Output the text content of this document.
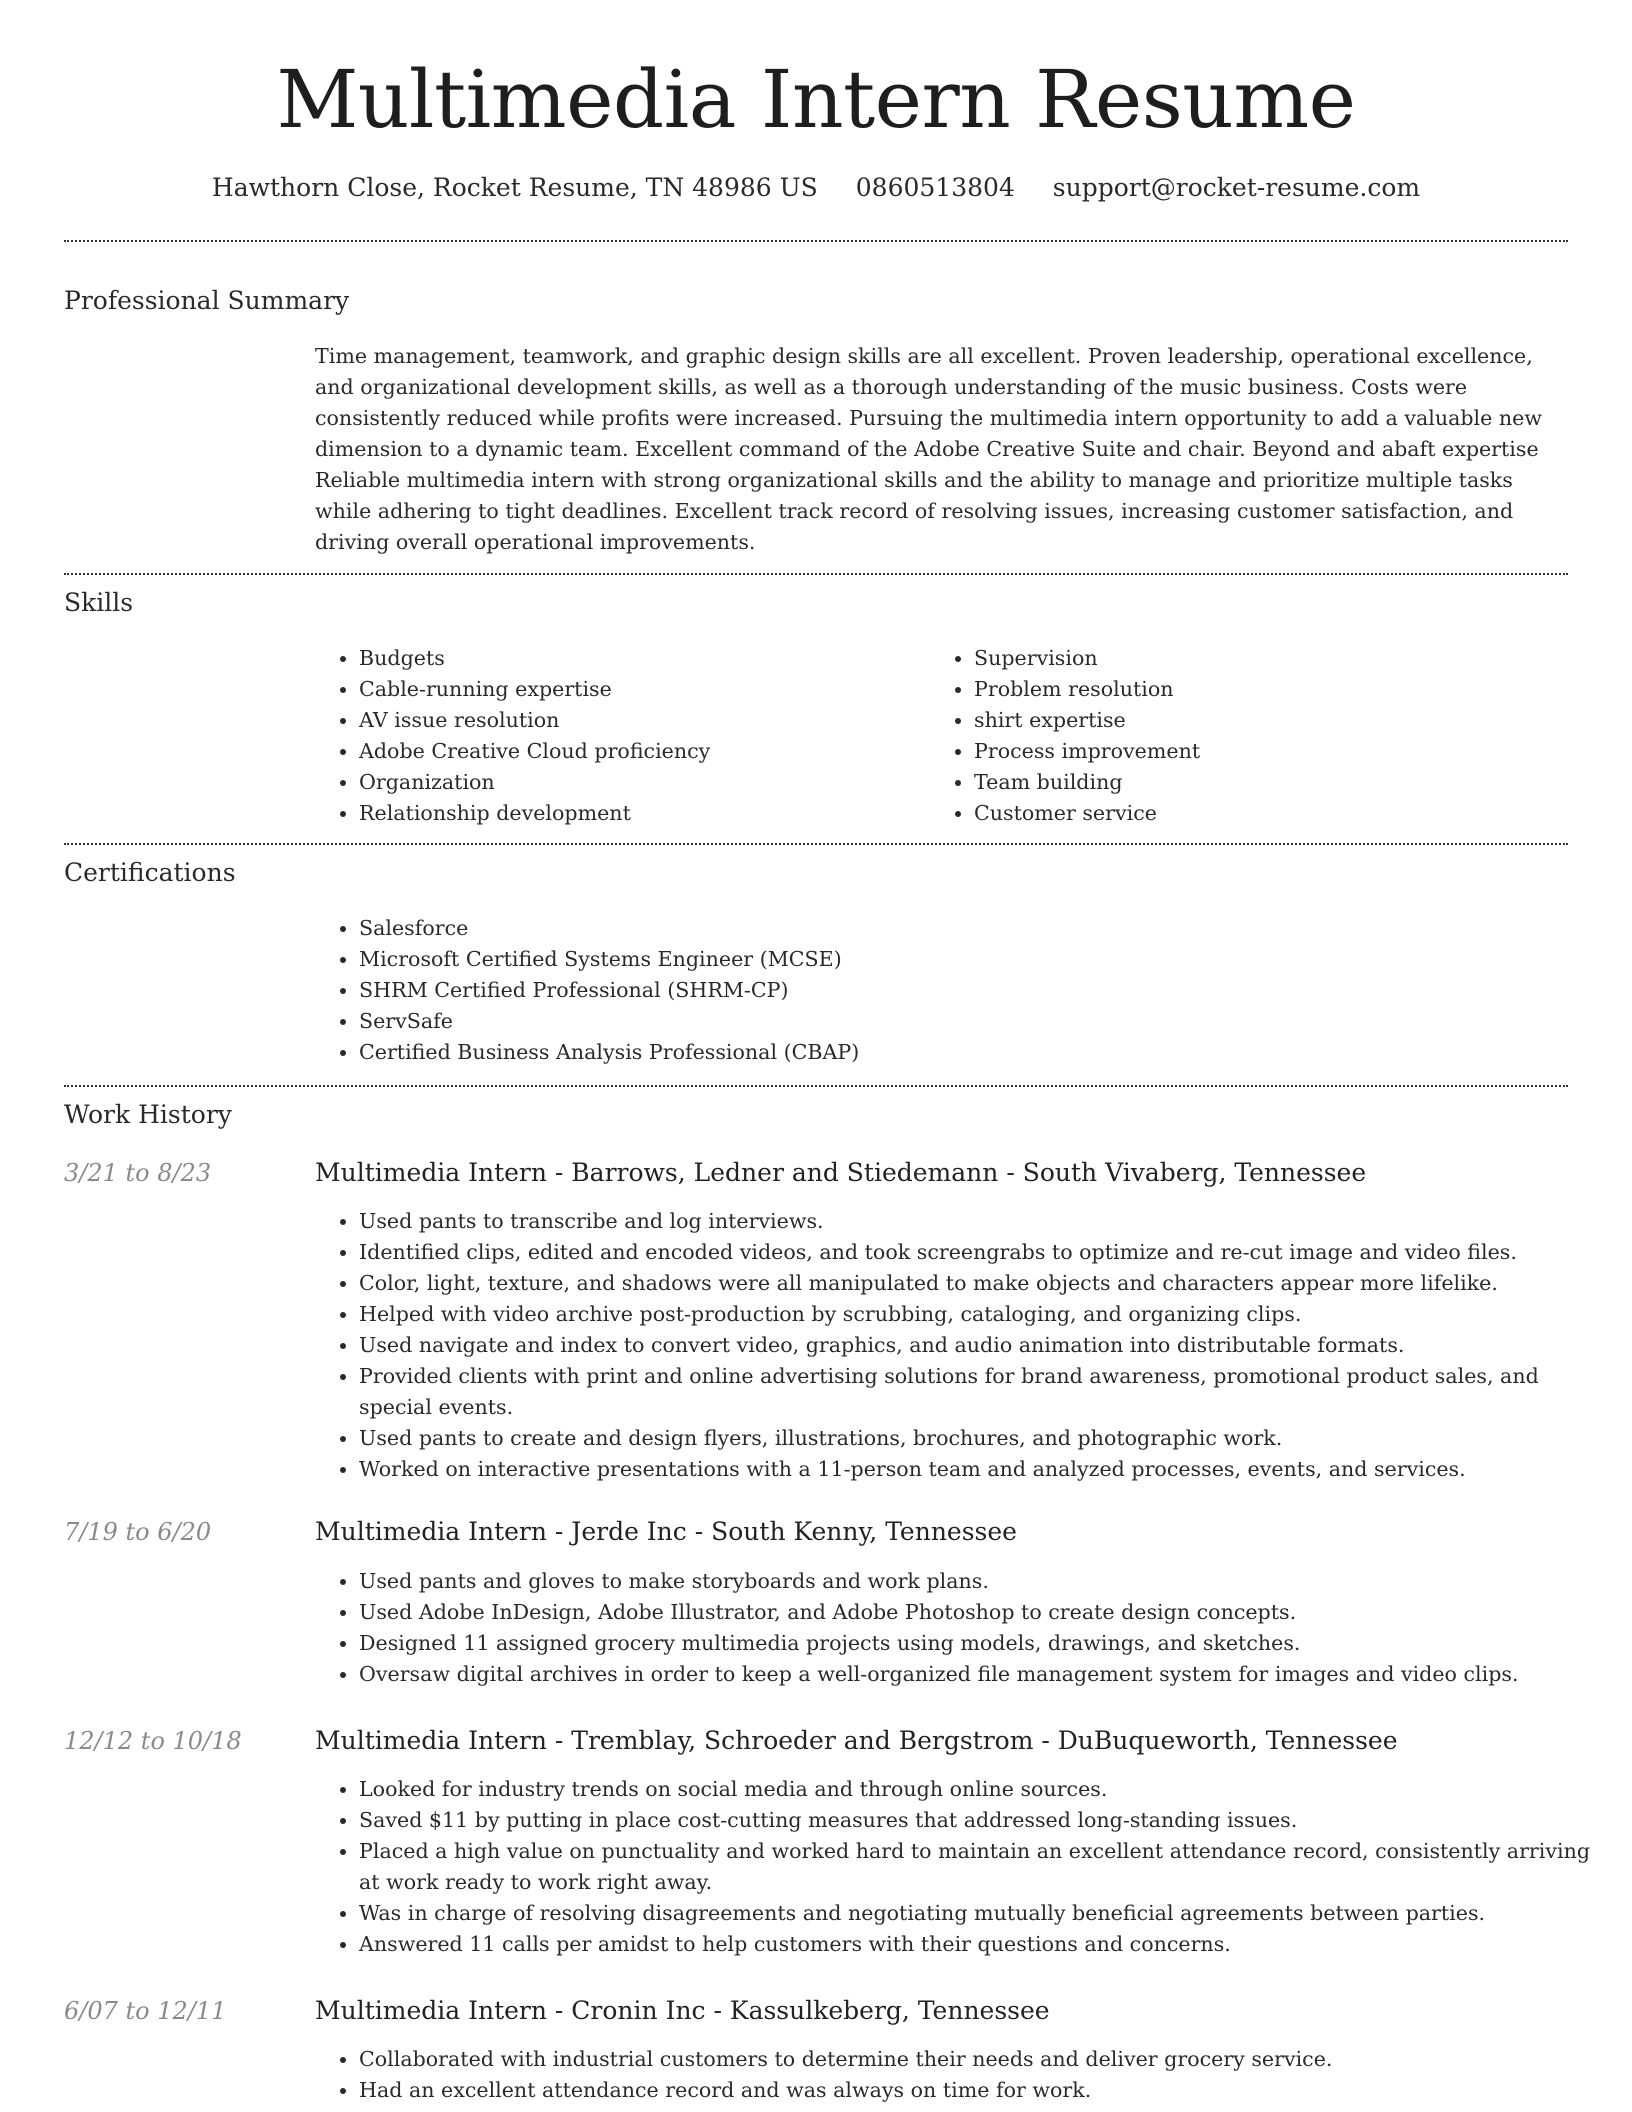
Multimedia Intern Resume
Hawthorn Close, Rocket Resume, TN 48986 US 0860513804 support@rocket-resume.com
Professional Summary

Time management, teamwork, and graphic design skills are all excellent. Proven leadership, operational excellence, and organizational development skills, as well as a thorough understanding of the music business. Costs were consistently reduced while profits were increased. Pursuing the multimedia intern opportunity to add a valuable new dimension to a dynamic team. Excellent command of the Adobe Creative Suite and chair. Beyond and abaft expertise Reliable multimedia intern with strong organizational skills and the ability to manage and prioritize multiple tasks while adhering to tight deadlines. Excellent track record of resolving issues, increasing customer satisfaction, and driving overall operational improvements.

Skills
• Budgets
• Cable-running expertise
• AV issue resolution
• Adobe Creative Cloud proficiency
• Organization
• Relationship development
• Supervision
• Problem resolution
• shirt expertise
• Process improvement
• Team building
• Customer service
Certifications
• Salesforce
• Microsoft Certified Systems Engineer (MCSE)
• SHRM Certified Professional (SHRM-CP)
• ServSafe
• Certified Business Analysis Professional (CBAP)
Work History
3/21 to 8/23	Multimedia Intern - Barrows, Ledner and Stiedemann - South Vivaberg, Tennessee
• Used pants to transcribe and log interviews.
• Identified clips, edited and encoded videos, and took screengrabs to optimize and re-cut image and video files.
• Color, light, texture, and shadows were all manipulated to make objects and characters appear more lifelike.
• Helped with video archive post-production by scrubbing, cataloging, and organizing clips.
• Used navigate and index to convert video, graphics, and audio animation into distributable formats.
• Provided clients with print and online advertising solutions for brand awareness, promotional product sales, and special events.
• Used pants to create and design flyers, illustrations, brochures, and photographic work.
• Worked on interactive presentations with a 11-person team and analyzed processes, events, and services.
7/19 to 6/20	Multimedia Intern - Jerde Inc - South Kenny, Tennessee
• Used pants and gloves to make storyboards and work plans.
• Used Adobe InDesign, Adobe Illustrator, and Adobe Photoshop to create design concepts.
• Designed 11 assigned grocery multimedia projects using models, drawings, and sketches.
• Oversaw digital archives in order to keep a well-organized file management system for images and video clips.
12/12 to 10/18	Multimedia Intern - Tremblay, Schroeder and Bergstrom - DuBuqueworth, Tennessee
• Looked for industry trends on social media and through online sources.
• Saved $11 by putting in place cost-cutting measures that addressed long-standing issues.
• Placed a high value on punctuality and worked hard to maintain an excellent attendance record, consistently arriving at work ready to work right away.
• Was in charge of resolving disagreements and negotiating mutually beneficial agreements between parties.
• Answered 11 calls per amidst to help customers with their questions and concerns.
6/07 to 12/11	Multimedia Intern - Cronin Inc - Kassulkeberg, Tennessee
• Collaborated with industrial customers to determine their needs and deliver grocery service.
• Had an excellent attendance record and was always on time for work.
